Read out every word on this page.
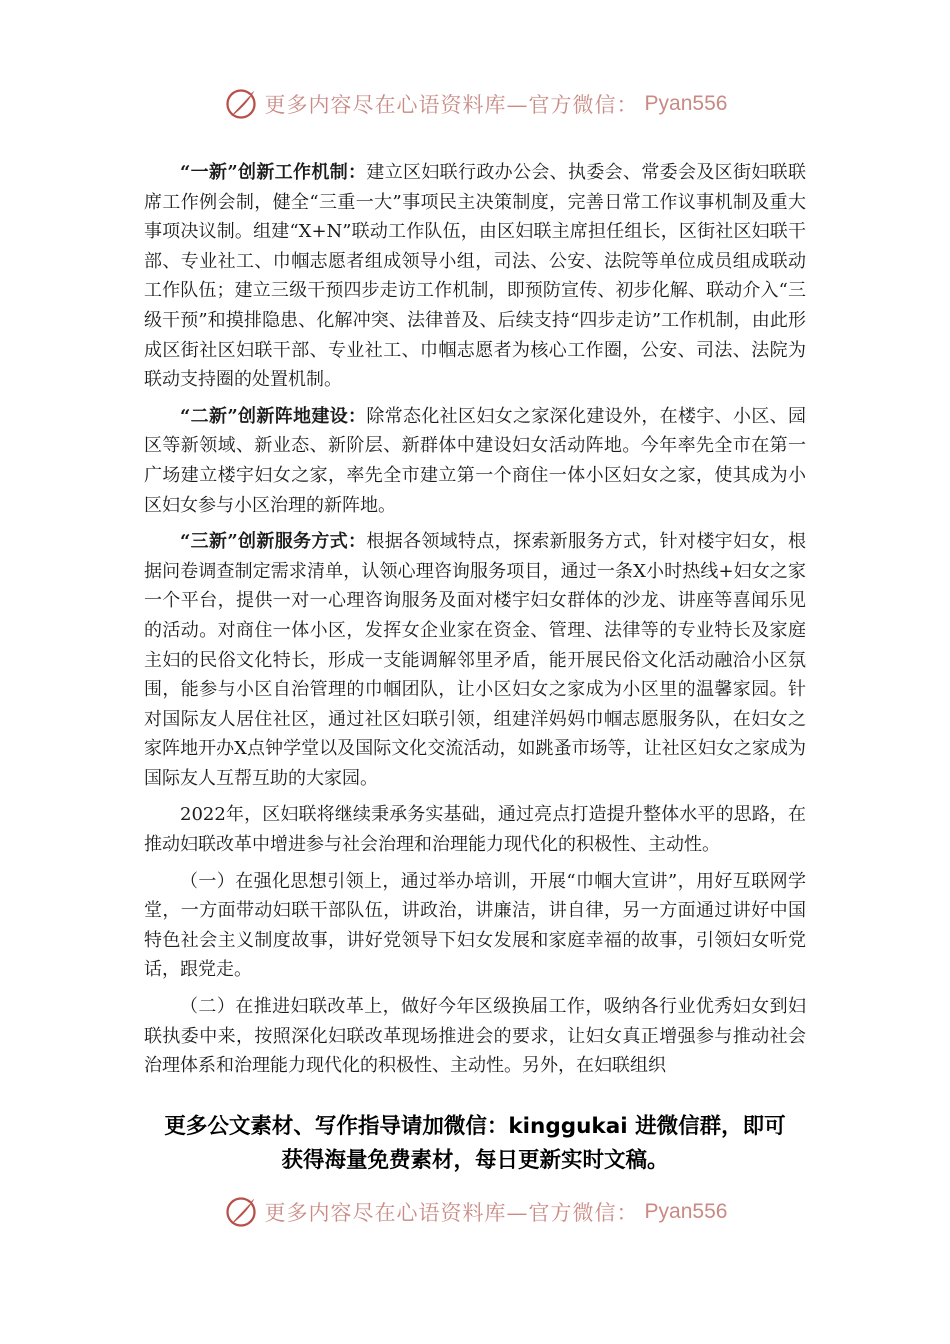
更多内容尽在心语资料库—官方微信： Pyan556

“一新”创新工作机制：建立区妇联行政办公会、执委会、常委会及区街妇联联席工作例会制，健全“三重一大”事项民主决策制度，完善日常工作议事机制及重大事项决议制。组建“X+N”联动工作队伍，由区妇联主席担任组长，区街社区妇联干部、专业社工、巾帼志愿者组成领导小组，司法、公安、法院等单位成员组成联动工作队伍；建立三级干预四步走访工作机制，即预防宣传、初步化解、联动介入“三级干预”和摸排隐患、化解冲突、法律普及、后续支持“四步走访”工作机制，由此形成区街社区妇联干部、专业社工、巾帼志愿者为核心工作圈，公安、司法、法院为联动支持圈的处置机制。

“二新”创新阵地建设：除常态化社区妇女之家深化建设外，在楼宇、小区、园区等新领域、新业态、新阶层、新群体中建设妇女活动阵地。今年率先全市在第一广场建立楼宇妇女之家，率先全市建立第一个商住一体小区妇女之家，使其成为小区妇女参与小区治理的新阵地。

“三新”创新服务方式：根据各领域特点，探索新服务方式，针对楼宇妇女，根据问卷调查制定需求清单，认领心理咨询服务项目，通过一条X小时热线+妇女之家一个平台，提供一对一心理咨询服务及面对楼宇妇女群体的沙龙、讲座等喜闻乐见的活动。对商住一体小区，发挥女企业家在资金、管理、法律等的专业特长及家庭主妇的民俗文化特长，形成一支能调解邻里矛盾，能开展民俗文化活动融洽小区氛围，能参与小区自治管理的巾帼团队，让小区妇女之家成为小区里的温馨家园。针对国际友人居住社区，通过社区妇联引领，组建洋妈妈巾帼志愿服务队，在妇女之家阵地开办X点钟学堂以及国际文化交流活动，如跳蚤市场等，让社区妇女之家成为国际友人互帮互助的大家园。

2022年，区妇联将继续秉承务实基础，通过亮点打造提升整体水平的思路，在推动妇联改革中增进参与社会治理和治理能力现代化的积极性、主动性。

（一）在强化思想引领上，通过举办培训，开展“巾帼大宣讲”，用好互联网学堂，一方面带动妇联干部队伍，讲政治，讲廉洁，讲自律，另一方面通过讲好中国特色社会主义制度故事，讲好党领导下妇女发展和家庭幸福的故事，引领妇女听党话，跟党走。

（二）在推进妇联改革上，做好今年区级换届工作，吸纳各行业优秀妇女到妇联执委中来，按照深化妇联改革现场推进会的要求，让妇女真正增强参与推动社会治理体系和治理能力现代化的积极性、主动性。另外，在妇联组织

更多公文素材、写作指导请加微信：kinggukai 进微信群，即可
获得海量免费素材，每日更新实时文稿。
更多内容尽在心语资料库—官方微信： Pyan556
